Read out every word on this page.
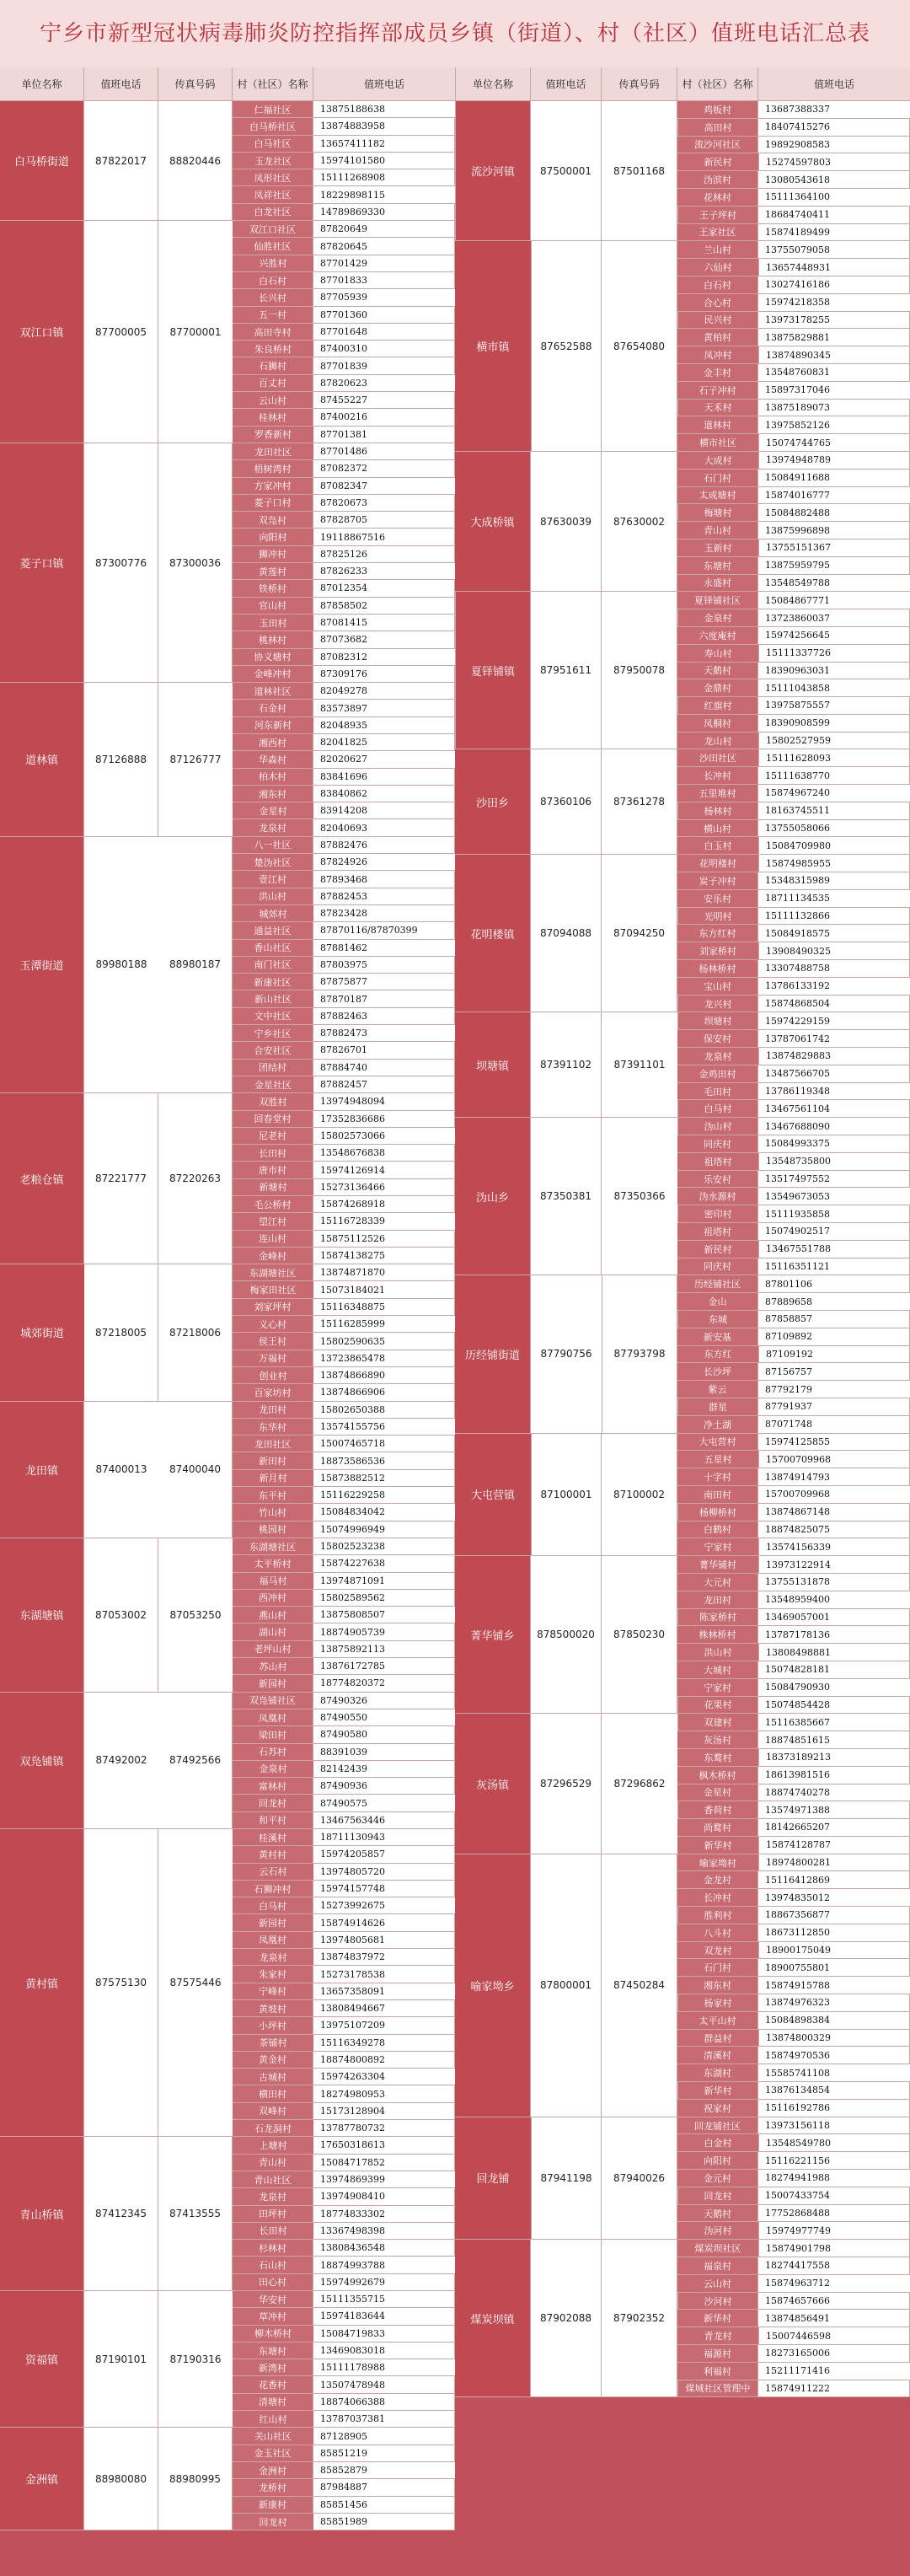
宁乡市新型冠状病毒肺炎防控指挥部成员乡镇（街道）、村（社区）值班电话汇总表
单位名称	值班电话	传真号码	村（社区）名称	值班电话
白马桥街道	87822017	88820446
仁福社区	13875188638
白马桥社区	13874883958
白马社区	13657411182
玉龙社区	15974101580
凤形社区	15111268908
凤祥社区	18229898115
白龙社区	14789869330
双江口镇	87700005	87700001
双江口社区	87820649
仙胜社区	87820645
兴胜村	87701429
白石村	87701833
长兴村	87705939
五一村	87701360
高田寺村	87701648
朱良桥村	87400310
石狮村	87701839
百丈村	87820623
云山村	87455227
桂林村	87400216
罗香新村	87701381
菱子口镇	87300776	87300036
龙田社区	87701486
梧树湾村	87082372
方家冲村	87082347
菱子口村	87820673
双凫村	87828705
向阳村	19118867516
狮冲村	87825126
黄莲村	87826233
铁桥村	87012354
官山村	87858502
玉田村	87081415
桃林村	87073682
协义塘村	87082312
金峰冲村	87309176
道林镇	87126888	87126777
道林社区	82049278
石金村	83573897
河东新村	82048935
湘西村	82041825
华森村	82020627
柏木村	83841696
湘东村	83840862
金星村	83914208
龙泉村	82040693
玉潭街道	89980188	88980187
八一社区	87882476
楚沩社区	87824926
壹江村	87893468
洪山村	87882453
城郊村	87823428
通益社区	87870116/87870399
香山社区	87881462
南门社区	87803975
新康社区	87875877
新山社区	87870187
文中社区	87882463
宁乡社区	87882473
合安社区	87826701
团结村	87884740
金星社区	87882457
老粮仓镇	87221777	87220263
双胜村	13974948094
回春堂村	17352836686
尼老村	15802573066
长田村	13548676838
唐市村	15974126914
新塘村	15273136466
毛公桥村	15874268918
望江村	15116728339
连山村	15875112526
金峰村	15874138275
城郊街道	87218005	87218006
东湖塘社区	13874871870
梅家田社区	15073184021
刘家坪村	15116348875
义心村	15116285999
侯王村	15802590635
万福村	13723865478
创业村	13874866890
百家坊村	13874866906
龙田镇	87400013	87400040
龙田村	15802650388
东华村	13574155756
龙田社区	15007465718
新田村	18873586536
新月村	15873882512
东平村	15116229258
竹山村	15084834042
桃园村	15074996949
东湖塘镇	87053002	87053250
东湖塘社区	15802523238
太平桥村	15874227638
福马村	13974871091
西冲村	15802589562
燕山村	13875808507
湖山村	18874905739
老坪山村	13875892113
苏山村	13876172785
新园村	18774820372
双凫铺镇	87492002	87492566
双凫铺社区	87490326
凤凰村	87490550
梁田村	87490580
石苏村	88391039
金泉村	82142439
富林村	87490936
回龙村	87490575
和平村	13467563446
黄村镇	87575130	87575446
桂溪村	18711130943
黄村村	15974205857
云石村	13974805720
石狮冲村	15974157748
白马村	15273992675
新园村	15874914626
凤凰村	13974805681
龙泉村	13874837972
朱家村	15273178538
宁峰村	13657358091
黄坡村	13808494667
小坪村	13975107209
茶铺村	15116349278
黄金村	18874800892
古城村	15974263304
横田村	18274980953
双峰村	15173128904
石龙洞村	13787780732
青山桥镇	87412345	87413555
上塘村	17650318613
青山村	15084717852
青山社区	13974869399
龙泉村	13974908410
田坪村	18774833302
长田村	13367498398
杉林村	13808436548
石山村	18874993788
田心村	15974992679
资福镇	87190101	87190316
华安村	15111355715
草冲村	15974183644
柳木桥村	15084719833
东塘村	13469083018
新湾村	15111178988
花香村	13507478948
清塘村	18874066388
红山村	13787037381
金洲镇	88980080	88980995
关山社区	87128905
金玉社区	85851219
金洲村	85852879
龙桥村	87984887
新康村	85851456
回龙村	85851989
单位名称	值班电话	传真号码	村（社区）名称	值班电话
流沙河镇	87500001	87501168
鸡板村	13687388337
高田村	18407415276
流沙河社区	19892908583
新民村	15274597803
沩滨村	13080543618
花林村	15111364100
王子坪村	18684740411
王家社区	15874189499
横市镇	87652588	87654080
兰山村	13755079058
六仙村	13657448931
白石村	13027416186
合心村	15974218358
民兴村	13973178255
黄柏村	13875829881
凤冲村	13874890345
金丰村	13548760831
石子冲村	15897317046
天禾村	13875189073
道林村	13975852126
横市社区	15074744765
大成桥镇	87630039	87630002
大成村	13974948789
石门村	15084911688
太成塘村	15874016777
梅塘村	15084882488
青山村	13875996898
玉新村	13755151367
东塘村	13875959795
永盛村	13548549788
夏铎铺镇	87951611	87950078
夏铎铺社区	15084867771
金泉村	13723860037
六度庵村	15974256645
寿山村	15111337726
天鹅村	18390963031
金鼎村	15111043858
红旗村	13975875557
凤桐村	18390908599
龙山村	15802527959
沙田乡	87360106	87361278
沙田社区	15111628093
长冲村	15111638770
五里堆村	15874967240
杨林村	18163745511
横山村	13755058066
白玉村	15084709980
花明楼镇	87094088	87094250
花明楼村	15874985955
炭子冲村	15348315989
安乐村	18711134535
光明村	15111132866
东方红村	15084918575
刘家桥村	13908490325
杨林桥村	13307488758
宝山村	13786133192
龙兴村	15874868504
坝塘镇	87391102	87391101
坝塘村	15974229159
保安村	13787061742
龙泉村	13874829883
金鸡田村	13487566705
毛田村	13786119348
白马村	13467561104
沩山乡	87350381	87350366
沩山村	13467688090
同庆村	15084993375
祖塔村	13548735800
乐安村	13517497552
沩水源村	13549673053
密印村	15111935858
祖塔村	15074902517
新民村	13467551788
同庆村	15116351121
历经铺街道	87790756	87793798
历经铺社区	87801106
金山	87889658
东城	87858857
新安基	87109892
东方红	87109192
长沙坪	87156757
紫云	87792179
群星	87791937
净土湖	87071748
大屯营镇	87100001	87100002
大屯营村	15974125855
五星村	15700709968
十字村	13874914793
南田村	15700709968
杨柳桥村	13874867148
白鹤村	18874825075
宁家村	13574156339
菁华铺乡	878500020	87850230
菁华铺村	13973122914
大元村	13755131878
龙田村	13548959400
陈家桥村	13469057001
株林桥村	13787178136
洪山村	13808498881
大城村	15074828181
宁家村	15084790930
花果村	15074854428
灰汤镇	87296529	87296862
双建村	15116385667
灰汤村	18874851615
东鹜村	18373189213
枫木桥村	18613981516
金星村	18874740278
香荷村	13574971388
尚鹜村	18142665207
新华村	15874128787
喻家坳乡	87800001	87450284
喻家坳村	18974800281
金龙村	15116412869
长冲村	13974835012
胜利村	18867356877
八斗村	18673112850
双龙村	18900175049
石门村	18900755801
湘东村	15874915788
杨家村	13874976323
太平山村	15084898384
群益村	13874800329
清溪村	15874970536
东湖村	15585741108
新华村	13876134854
祝家村	15116192786
回龙铺	87941198	87940026
回龙铺社区	13973156118
白金村	13548549780
向阳村	15116221156
金元村	18274941988
回龙村	15007433754
天鹅村	17752868488
沩河村	15974977749
煤炭坝镇	87902088	87902352
煤炭坝社区	15874901798
福泉村	18274417558
云山村	15874963712
沙河村	15874657666
新华村	13874856491
青龙村	15007446598
福源村	18273165006
利福村	15211171416
煤城社区管理中	15874911222
